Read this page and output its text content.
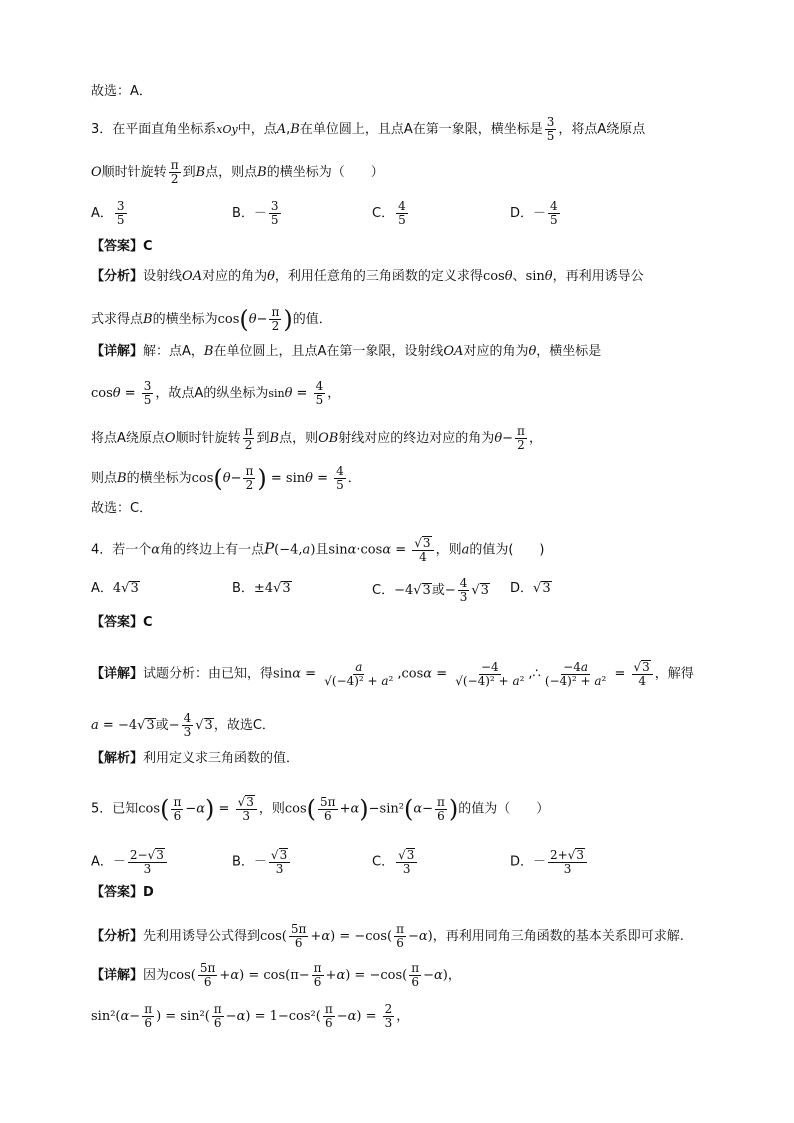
故选：A．
3．在平面直角坐标系xOy中，点A,B在单位圆上，且点A在第一象限，横坐标是 $\frac{3}{5}$ ，将点A绕原点
O顺时针旋转 $\frac{\pi}{2}$ 到B点，则点B的横坐标为（　　）
A． $\frac{3}{5}$	B．－ $\frac{3}{5}$	C． $\frac{4}{5}$	D．－ $\frac{4}{5}$
【答案】C
【分析】设射线OA对应的角为θ，利用任意角的三角函数的定义求得cosθ、sinθ，再利用诱导公
式求得点B的横坐标为$\cos(\theta- \frac{\pi}{2}$ )的值．
【详解】解：点A，B在单位圆上，且点A在第一象限，设射线OA对应的角为θ，横坐标是
$\cos\theta = \frac{3}{5}$ ，故点A的纵坐标为$\sin\theta = \frac{4}{5}$ ，
将点A绕原点O顺时针旋转 $\frac{\pi}{2}$ 到B点，则OB射线对应的终边对应的角为$\theta- \frac{\pi}{2}$ ，
则点B的横坐标为$\cos(\theta- \frac{\pi}{2}$ ) = $\sin\theta = \frac{4}{5}$ ．
故选：C．
4．若一个α角的终边上有一点P(−4,a)且$\sin\alpha\cdot\cos\alpha = \frac{√3}{4}$ ，则a的值为(　　)
A．4√3	B．±4√3	C．−4√3或− $\frac{4}{3} √3$ D．√3
【答案】C
【详解】试题分析：由已知，得$\sin\alpha = \frac{a}{\text{√(−4)² + a²}} ,\cos\alpha = \frac{-4}{\text{√(−4)² + a²}}$ ,∴ $\frac{-4a}{\text{(−4)² + a²}} = \frac{√3}{4}$ ，解得
a = −4√3或− $\frac{4}{3} √3$，故选C．
【解析】利用定义求三角函数的值．
5．已知$\cos( \frac{\pi}{6} -\alpha) = \frac{√3}{3}$ ，则$\cos( \frac{5\pi}{6} +\alpha)-\sin^2(\alpha- \frac{\pi}{6}$ )的值为（　　）
A．－ $\frac{2-√3}{3}$	B．－ $\frac{√3}{3}$	C． $\frac{√3}{3}$	D．－ $\frac{2+√3}{3}$
【答案】D
【分析】先利用诱导公式得到$\cos( \frac{5\pi}{6} +\alpha) = -\cos( \frac{\pi}{6} -\alpha)$，再利用同角三角函数的基本关系即可求解.
【详解】因为$\cos( \frac{5\pi}{6} +\alpha) = \cos(\pi- \frac{\pi}{6} +\alpha) = -\cos( \frac{\pi}{6} -\alpha)$，
$\sin^2(\alpha- \frac{\pi}{6}$ ) = $\sin^2( \frac{\pi}{6} -\alpha) = 1-\cos^2( \frac{\pi}{6} -\alpha) = \frac{2}{3}$ ，
